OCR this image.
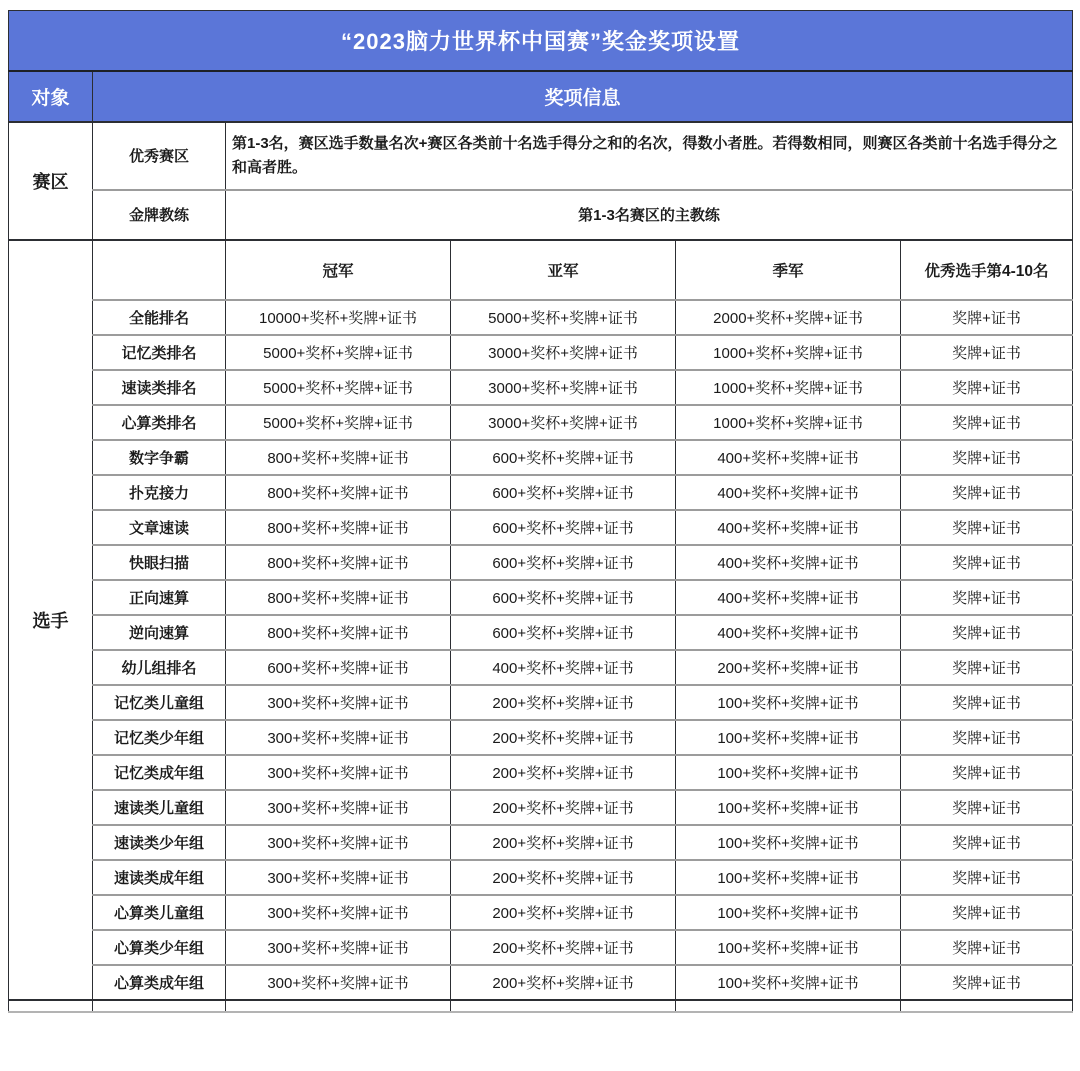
“2023脑力世界杯中国赛”奖金奖项设置					
对象	奖项信息				
赛区	优秀赛区	第1-3名，赛区选手数量名次+赛区各类前十名选手得分之和的名次，得数小者胜。若得数相同，则赛区各类前十名选手得分之和高者胜。			
	金牌教练	第1-3名赛区的主教练			
选手		冠军	亚军	季军	优秀选手第4-10名
	全能排名	10000+奖杯+奖牌+证书	5000+奖杯+奖牌+证书	2000+奖杯+奖牌+证书	奖牌+证书
	记忆类排名	5000+奖杯+奖牌+证书	3000+奖杯+奖牌+证书	1000+奖杯+奖牌+证书	奖牌+证书
	速读类排名	5000+奖杯+奖牌+证书	3000+奖杯+奖牌+证书	1000+奖杯+奖牌+证书	奖牌+证书
	心算类排名	5000+奖杯+奖牌+证书	3000+奖杯+奖牌+证书	1000+奖杯+奖牌+证书	奖牌+证书
	数字争霸	800+奖杯+奖牌+证书	600+奖杯+奖牌+证书	400+奖杯+奖牌+证书	奖牌+证书
	扑克接力	800+奖杯+奖牌+证书	600+奖杯+奖牌+证书	400+奖杯+奖牌+证书	奖牌+证书
	文章速读	800+奖杯+奖牌+证书	600+奖杯+奖牌+证书	400+奖杯+奖牌+证书	奖牌+证书
	快眼扫描	800+奖杯+奖牌+证书	600+奖杯+奖牌+证书	400+奖杯+奖牌+证书	奖牌+证书
	正向速算	800+奖杯+奖牌+证书	600+奖杯+奖牌+证书	400+奖杯+奖牌+证书	奖牌+证书
	逆向速算	800+奖杯+奖牌+证书	600+奖杯+奖牌+证书	400+奖杯+奖牌+证书	奖牌+证书
	幼儿组排名	600+奖杯+奖牌+证书	400+奖杯+奖牌+证书	200+奖杯+奖牌+证书	奖牌+证书
	记忆类儿童组	300+奖杯+奖牌+证书	200+奖杯+奖牌+证书	100+奖杯+奖牌+证书	奖牌+证书
	记忆类少年组	300+奖杯+奖牌+证书	200+奖杯+奖牌+证书	100+奖杯+奖牌+证书	奖牌+证书
	记忆类成年组	300+奖杯+奖牌+证书	200+奖杯+奖牌+证书	100+奖杯+奖牌+证书	奖牌+证书
	速读类儿童组	300+奖杯+奖牌+证书	200+奖杯+奖牌+证书	100+奖杯+奖牌+证书	奖牌+证书
	速读类少年组	300+奖杯+奖牌+证书	200+奖杯+奖牌+证书	100+奖杯+奖牌+证书	奖牌+证书
	速读类成年组	300+奖杯+奖牌+证书	200+奖杯+奖牌+证书	100+奖杯+奖牌+证书	奖牌+证书
	心算类儿童组	300+奖杯+奖牌+证书	200+奖杯+奖牌+证书	100+奖杯+奖牌+证书	奖牌+证书
	心算类少年组	300+奖杯+奖牌+证书	200+奖杯+奖牌+证书	100+奖杯+奖牌+证书	奖牌+证书
	心算类成年组	300+奖杯+奖牌+证书	200+奖杯+奖牌+证书	100+奖杯+奖牌+证书	奖牌+证书
